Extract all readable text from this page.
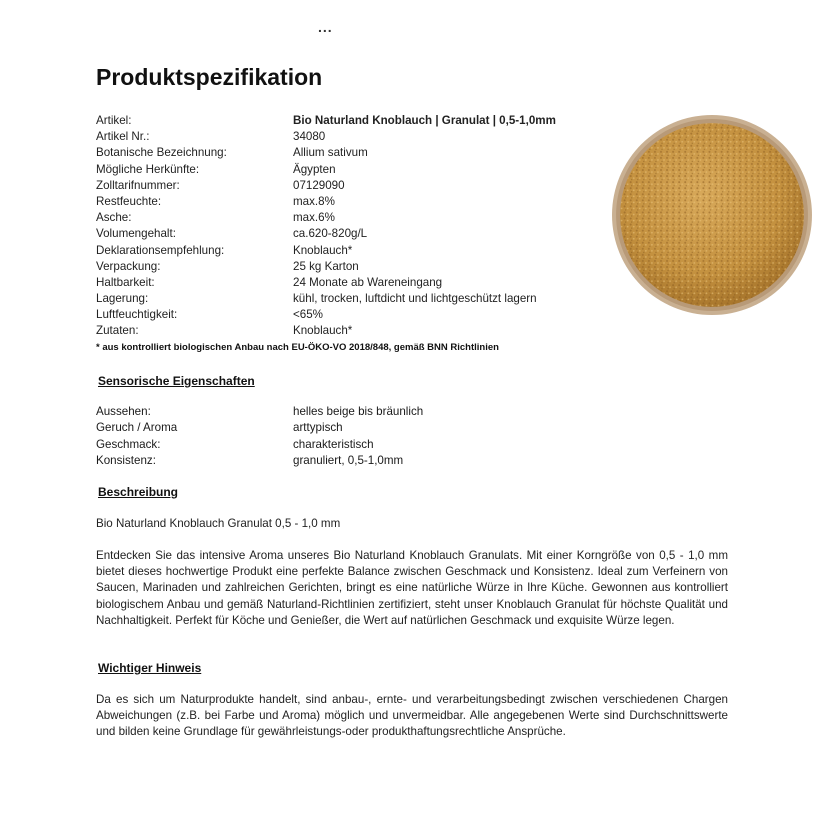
...
Produktspezifikation
Artikel:	Bio Naturland Knoblauch | Granulat | 0,5-1,0mm
Artikel Nr.:	34080
Botanische Bezeichnung:	Allium sativum
Mögliche Herkünfte:	Ägypten
Zolltarifnummer:	07129090
Restfeuchte:	max.8%
Asche:	max.6%
Volumengehalt:	ca.620-820g/L
Deklarationsempfehlung:	Knoblauch*
Verpackung:	25 kg Karton
Haltbarkeit:	24 Monate ab Wareneingang
Lagerung:	kühl, trocken, luftdicht und lichtgeschützt lagern
Luftfeuchtigkeit:	<65%
Zutaten:	Knoblauch*
* aus kontrolliert biologischen Anbau nach EU-ÖKO-VO 2018/848, gemäß BNN Richtlinien
Sensorische Eigenschaften
Aussehen:	helles beige bis bräunlich
Geruch / Aroma	arttypisch
Geschmack:	charakteristisch
Konsistenz:	granuliert, 0,5-1,0mm
Beschreibung
Bio Naturland Knoblauch Granulat 0,5 - 1,0 mm
Entdecken Sie das intensive Aroma unseres Bio Naturland Knoblauch Granulats. Mit einer Korngröße von 0,5 - 1,0 mm bietet dieses hochwertige Produkt eine perfekte Balance zwischen Geschmack und Konsistenz. Ideal zum Verfeinern von Saucen, Marinaden und zahlreichen Gerichten, bringt es eine natürliche Würze in Ihre Küche. Gewonnen aus kontrolliert biologischem Anbau und gemäß Naturland-Richtlinien zertifiziert, steht unser Knoblauch Granulat für höchste Qualität und Nachhaltigkeit. Perfekt für Köche und Genießer, die Wert auf natürlichen Geschmack und exquisite Würze legen.
Wichtiger Hinweis
Da es sich um Naturprodukte handelt, sind anbau-, ernte- und verarbeitungsbedingt zwischen verschiedenen Chargen Abweichungen (z.B. bei Farbe und Aroma) möglich und unvermeidbar. Alle angegebenen Werte sind Durchschnittswerte und bilden keine Grundlage für gewährleistungs-oder produkthaftungsrechtliche Ansprüche.
